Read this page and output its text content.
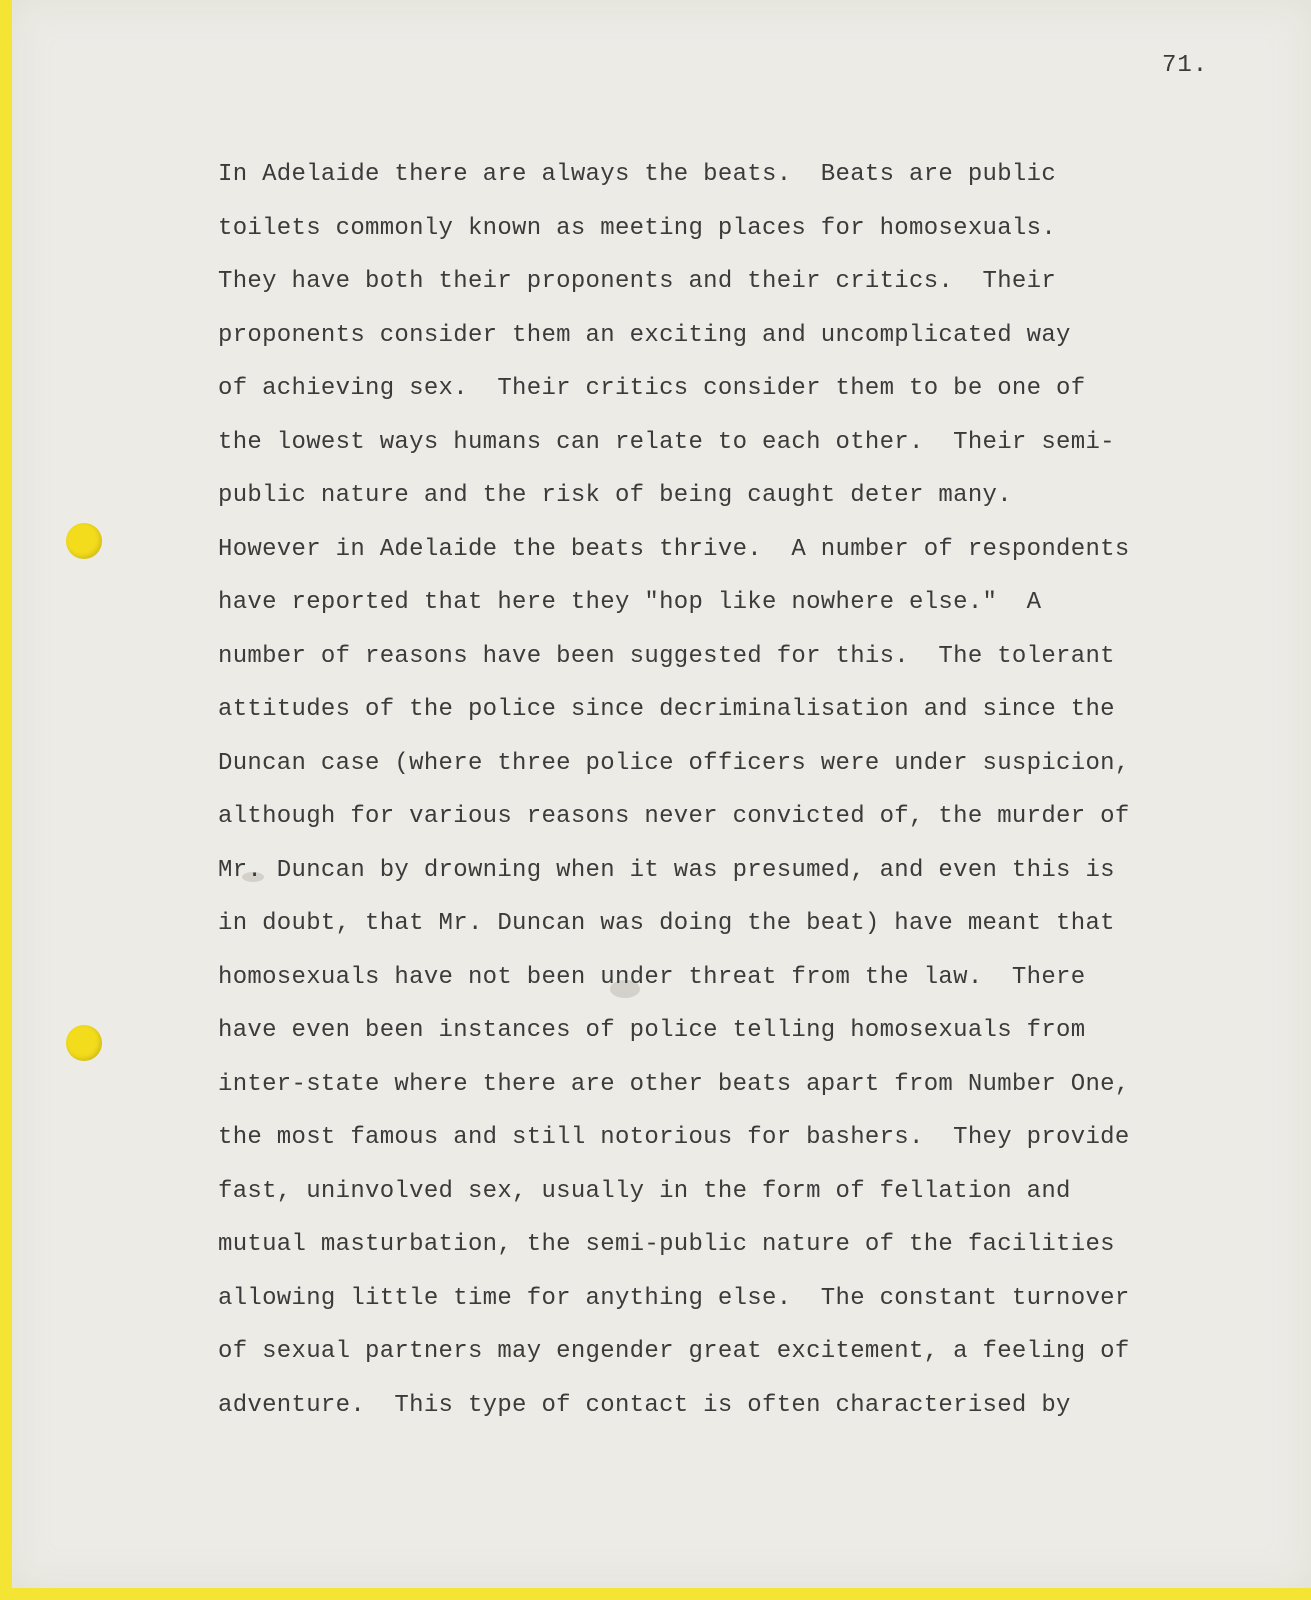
71.
In Adelaide there are always the beats.  Beats are public
toilets commonly known as meeting places for homosexuals.
They have both their proponents and their critics.  Their
proponents consider them an exciting and uncomplicated way
of achieving sex.  Their critics consider them to be one of
the lowest ways humans can relate to each other.  Their semi-
public nature and the risk of being caught deter many.
However in Adelaide the beats thrive.  A number of respondents
have reported that here they "hop like nowhere else."  A
number of reasons have been suggested for this.  The tolerant
attitudes of the police since decriminalisation and since the
Duncan case (where three police officers were under suspicion,
although for various reasons never convicted of, the murder of
Mr. Duncan by drowning when it was presumed, and even this is
in doubt, that Mr. Duncan was doing the beat) have meant that
homosexuals have not been under threat from the law.  There
have even been instances of police telling homosexuals from
inter-state where there are other beats apart from Number One,
the most famous and still notorious for bashers.  They provide
fast, uninvolved sex, usually in the form of fellation and
mutual masturbation, the semi-public nature of the facilities
allowing little time for anything else.  The constant turnover
of sexual partners may engender great excitement, a feeling of
adventure.  This type of contact is often characterised by
